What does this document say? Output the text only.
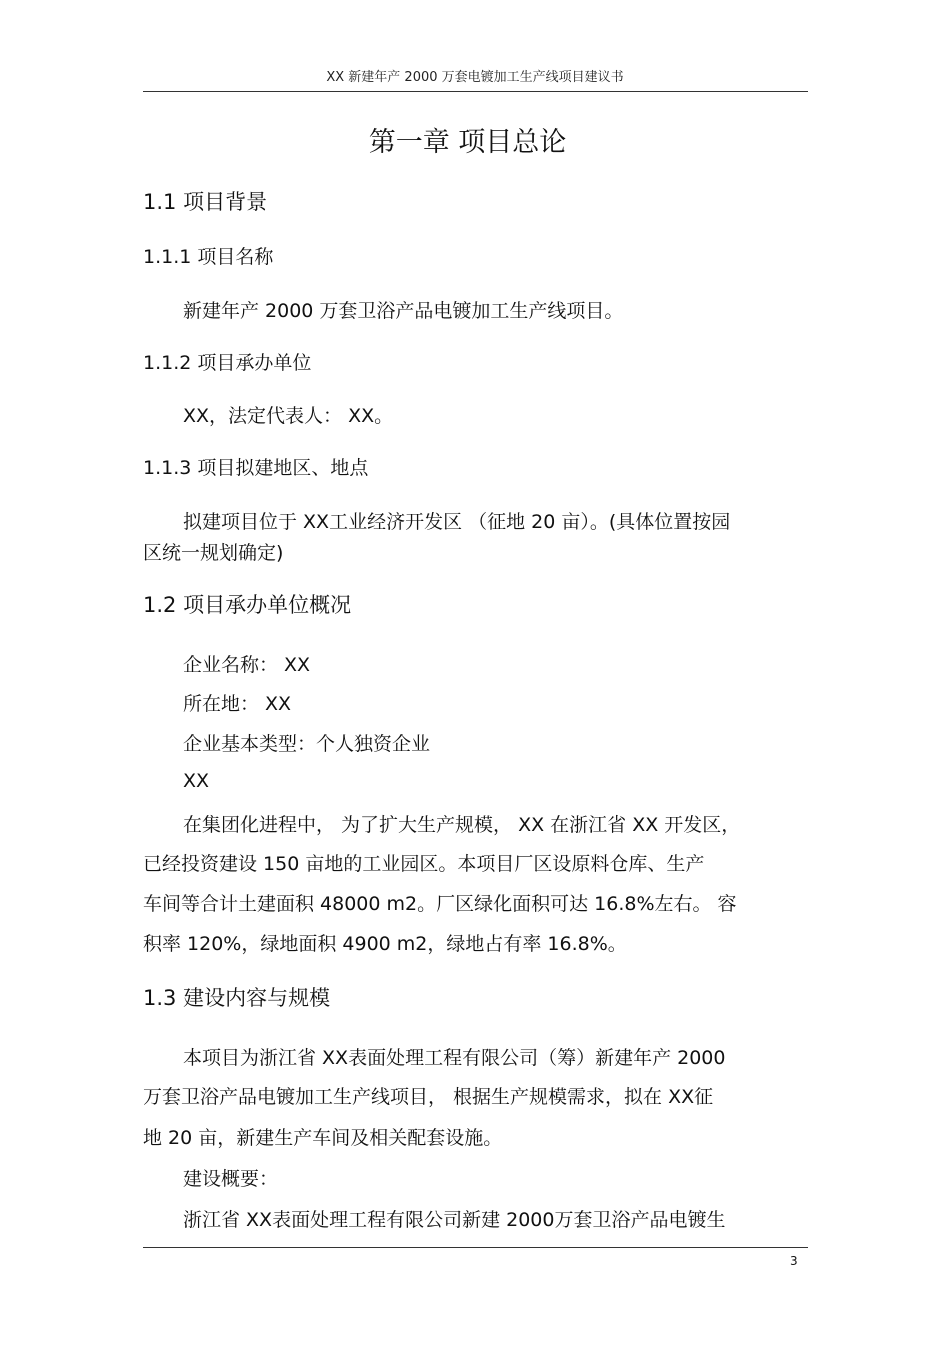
XX 新建年产 2000 万套电镀加工生产线项目建议书
第一章 项目总论
1.1 项目背景
1.1.1 项目名称
新建年产 2000 万套卫浴产品电镀加工生产线项目。
1.1.2 项目承办单位
XX，法定代表人： XX。
1.1.3 项目拟建地区、地点
拟建项目位于 XX工业经济开发区 （征地 20 亩）。(具体位置按园
区统一规划确定)
1.2 项目承办单位概况
企业名称： XX
所在地： XX
企业基本类型：个人独资企业
XX
在集团化进程中， 为了扩大生产规模， XX 在浙江省 XX 开发区，
已经投资建设 150 亩地的工业园区。本项目厂区设原料仓库、生产
车间等合计土建面积 48000 m2。厂区绿化面积可达 16.8%左右。 容
积率 120%，绿地面积 4900 m2，绿地占有率 16.8%。
1.3 建设内容与规模
本项目为浙江省 XX表面处理工程有限公司（筹）新建年产 2000
万套卫浴产品电镀加工生产线项目， 根据生产规模需求，拟在 XX征
地 20 亩，新建生产车间及相关配套设施。
建设概要：
浙江省 XX表面处理工程有限公司新建 2000万套卫浴产品电镀生
3
